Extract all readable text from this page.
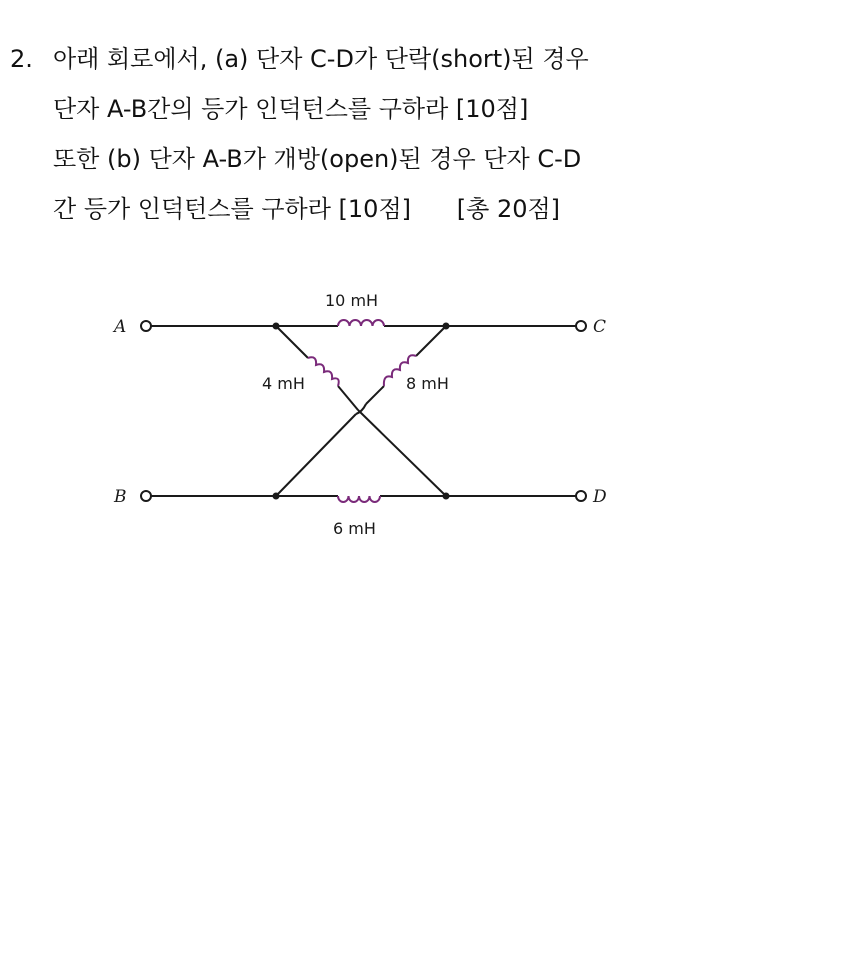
2. 아래 회로에서, (a) 단자 C-D가 단락(short)된 경우

단자 A-B간의 등가 인덕턴스를 구하라 [10점]

또한 (b) 단자 A-B가 개방(open)된 경우 단자 C-D

간 등가 인덕턴스를 구하라 [10점]      [총 20점]

A
B
C
D
10 mH
4 mH	8 mH
6 mH
